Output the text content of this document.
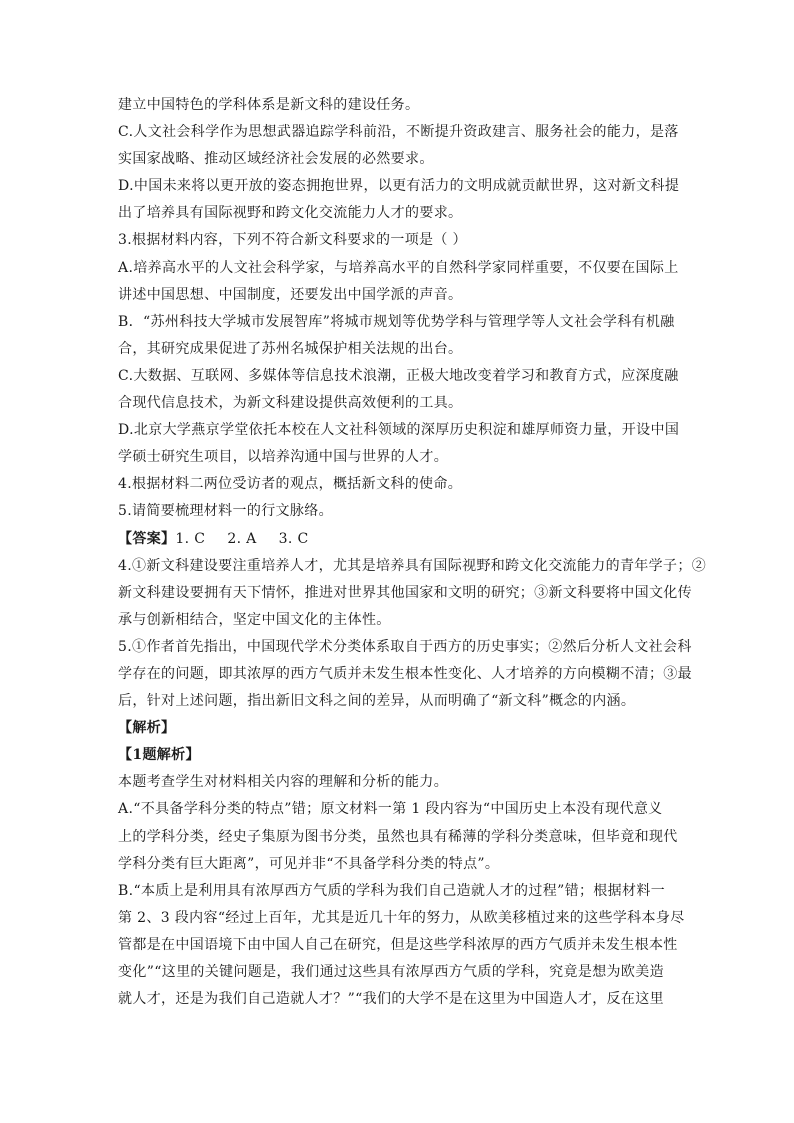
建立中国特色的学科体系是新文科的建设任务。
C.人文社会科学作为思想武器追踪学科前沿，不断提升资政建言、服务社会的能力，是落
实国家战略、推动区域经济社会发展的必然要求。
D.中国未来将以更开放的姿态拥抱世界，以更有活力的文明成就贡献世界，这对新文科提
出了培养具有国际视野和跨文化交流能力人才的要求。
3.根据材料内容，下列不符合新文科要求的一项是（ ）
A.培养高水平的人文社会科学家，与培养高水平的自然科学家同样重要，不仅要在国际上
讲述中国思想、中国制度，还要发出中国学派的声音。
B．“苏州科技大学城市发展智库”将城市规划等优势学科与管理学等人文社会学科有机融
合，其研究成果促进了苏州名城保护相关法规的出台。
C.大数据、互联网、多媒体等信息技术浪潮，正极大地改变着学习和教育方式，应深度融
合现代信息技术，为新文科建设提供高效便利的工具。
D.北京大学燕京学堂依托本校在人文社科领域的深厚历史积淀和雄厚师资力量，开设中国
学硕士研究生项目，以培养沟通中国与世界的人才。
4.根据材料二两位受访者的观点，概括新文科的使命。
5.请简要梳理材料一的行文脉络。
【答案】1. C 2. A 3. C
4.①新文科建设要注重培养人才，尤其是培养具有国际视野和跨文化交流能力的青年学子；②
新文科建设要拥有天下情怀，推进对世界其他国家和文明的研究；③新文科要将中国文化传
承与创新相结合，坚定中国文化的主体性。
5.①作者首先指出，中国现代学术分类体系取自于西方的历史事实；②然后分析人文社会科
学存在的问题，即其浓厚的西方气质并未发生根本性变化、人才培养的方向模糊不清；③最
后，针对上述问题，指出新旧文科之间的差异，从而明确了“新文科”概念的内涵。
【解析】
【1题解析】
本题考查学生对材料相关内容的理解和分析的能力。
A.“不具备学科分类的特点”错；原文材料一第 1 段内容为“中国历史上本没有现代意义
上的学科分类，经史子集原为图书分类，虽然也具有稀薄的学科分类意味，但毕竟和现代
学科分类有巨大距离”，可见并非“不具备学科分类的特点”。
B.“本质上是利用具有浓厚西方气质的学科为我们自己造就人才的过程”错；根据材料一
第 2、3 段内容“经过上百年，尤其是近几十年的努力，从欧美移植过来的这些学科本身尽
管都是在中国语境下由中国人自己在研究，但是这些学科浓厚的西方气质并未发生根本性
变化”“这里的关键问题是，我们通过这些具有浓厚西方气质的学科，究竟是想为欧美造
就人才，还是为我们自己造就人才？”“我们的大学不是在这里为中国造人才，反在这里
